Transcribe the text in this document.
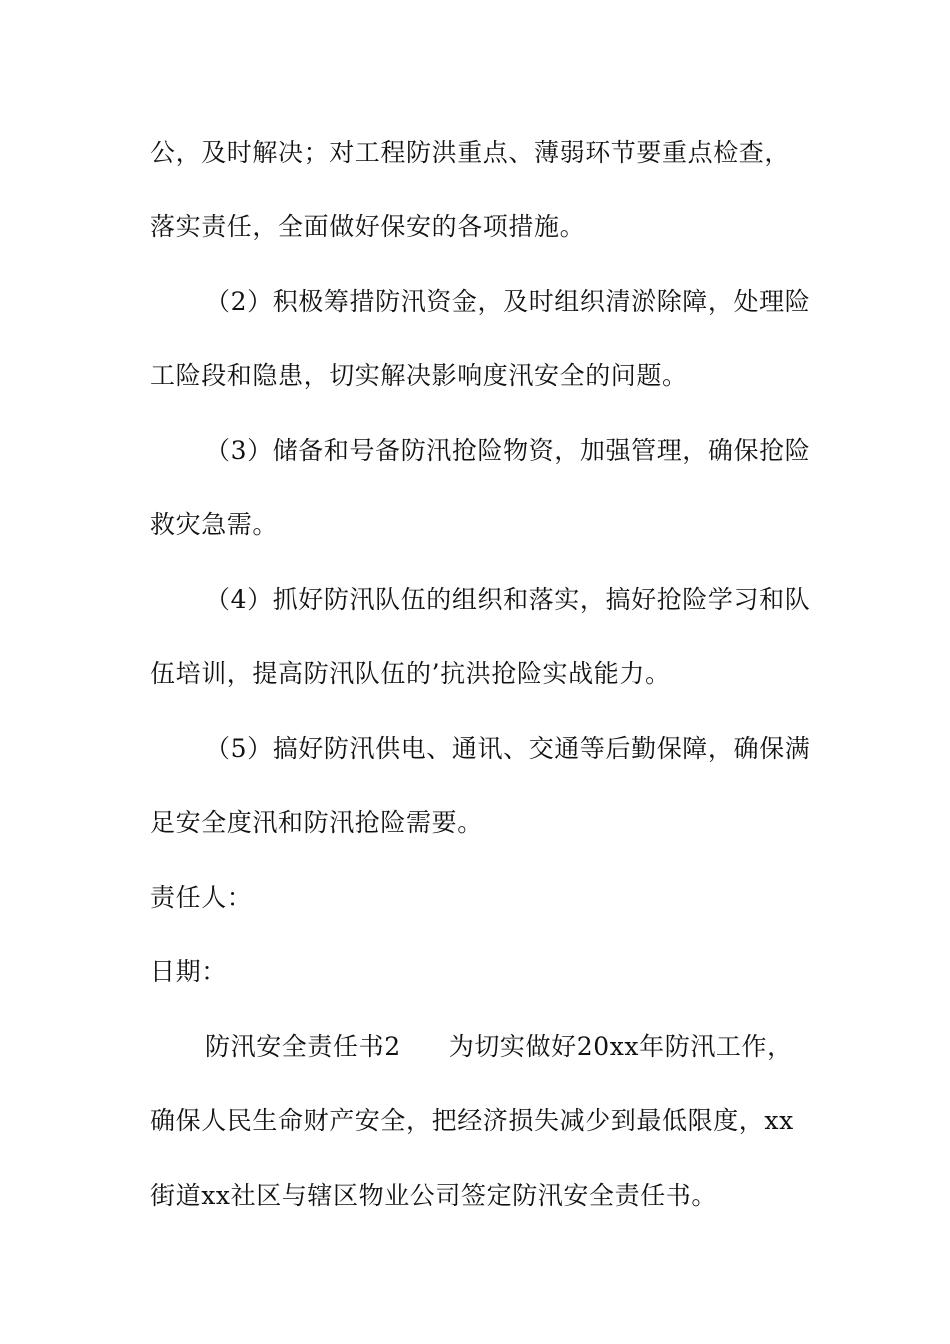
公，及时解决；对工程防洪重点、薄弱环节要重点检查，
落实责任，全面做好保安的各项措施。
（2）积极筹措防汛资金，及时组织清淤除障，处理险
工险段和隐患，切实解决影响度汛安全的问题。
（3）储备和号备防汛抢险物资，加强管理，确保抢险
救灾急需。
（4）抓好防汛队伍的组织和落实，搞好抢险学习和队
伍培训，提高防汛队伍的’抗洪抢险实战能力。
（5）搞好防汛供电、通讯、交通等后勤保障，确保满
足安全度汛和防汛抢险需要。
责任人：
日期：
防汛安全责任书2 为切实做好20xx年防汛工作，
确保人民生命财产安全，把经济损失减少到最低限度，xx
街道xx社区与辖区物业公司签定防汛安全责任书。
